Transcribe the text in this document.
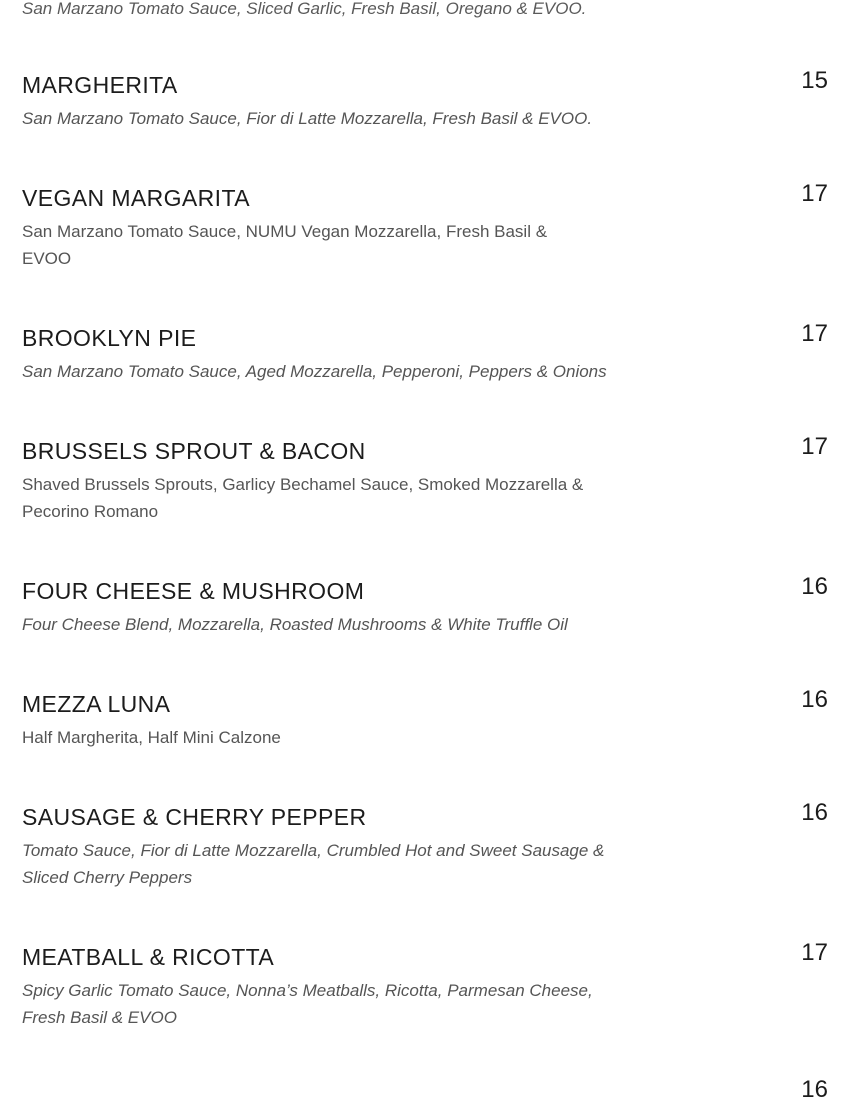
San Marzano Tomato Sauce, Sliced Garlic, Fresh Basil, Oregano & EVOO.

MARGHERITA	15

San Marzano Tomato Sauce, Fior di Latte Mozzarella, Fresh Basil & EVOO.

VEGAN MARGARITA	17

San Marzano Tomato Sauce, NUMU Vegan Mozzarella, Fresh Basil & EVOO

BROOKLYN PIE	17

San Marzano Tomato Sauce, Aged Mozzarella, Pepperoni, Peppers & Onions

BRUSSELS SPROUT & BACON	17

Shaved Brussels Sprouts, Garlicy Bechamel Sauce, Smoked Mozzarella & Pecorino Romano

FOUR CHEESE & MUSHROOM	16

Four Cheese Blend, Mozzarella, Roasted Mushrooms & White Truffle Oil

MEZZA LUNA	16

Half Margherita, Half Mini Calzone

SAUSAGE & CHERRY PEPPER	16

Tomato Sauce, Fior di Latte Mozzarella, Crumbled Hot and Sweet Sausage & Sliced Cherry Peppers

MEATBALL & RICOTTA	17

Spicy Garlic Tomato Sauce, Nonna’s Meatballs, Ricotta, Parmesan Cheese, Fresh Basil & EVOO

16
